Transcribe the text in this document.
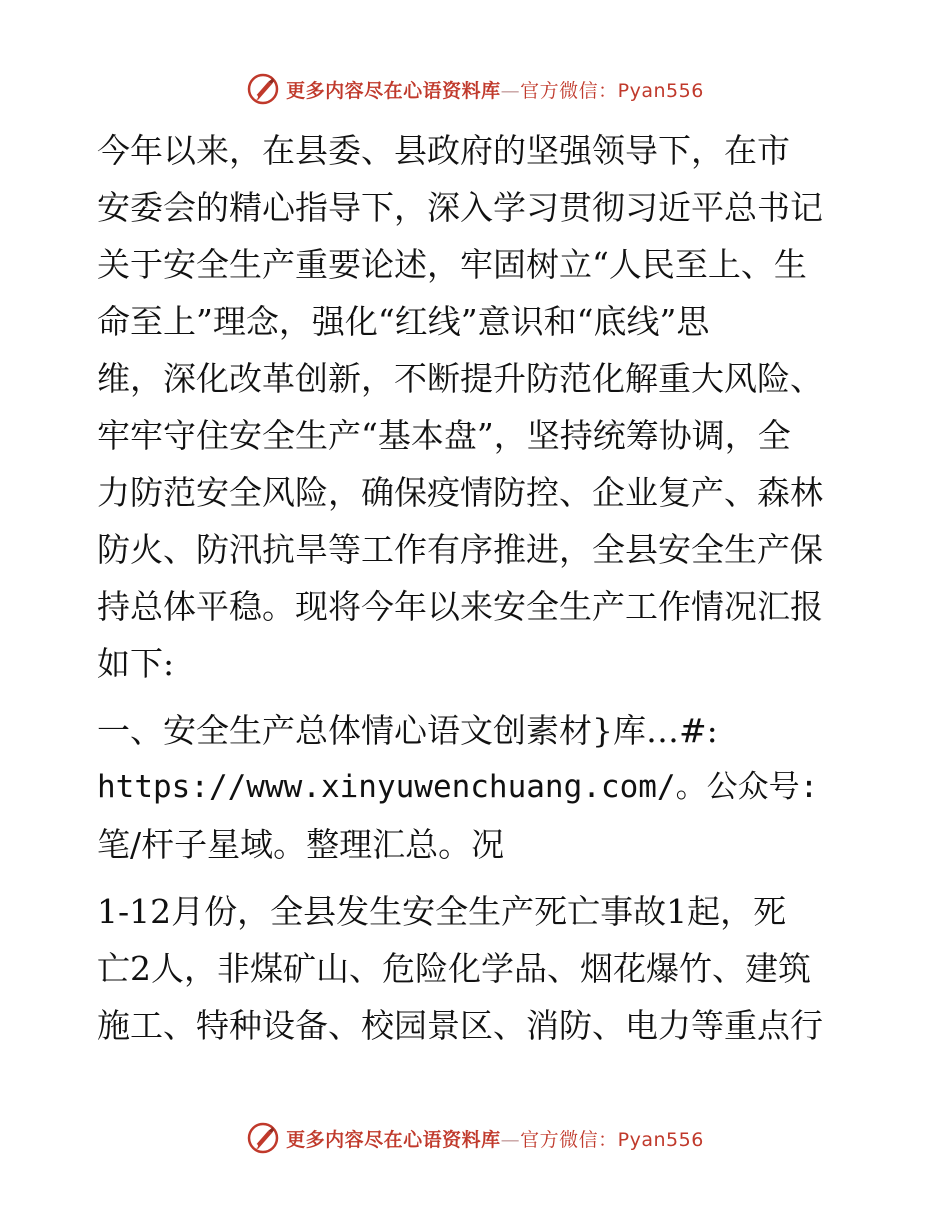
更多内容尽在心语资料库—官方微信：Pyan556

今年以来，在县委、县政府的坚强领导下，在市
安委会的精心指导下，深入学习贯彻习近平总书记
关于安全生产重要论述，牢固树立“人民至上、生
命至上”理念，强化“红线”意识和“底线”思
维，深化改革创新，不断提升防范化解重大风险、
牢牢守住安全生产“基本盘”，坚持统筹协调，全
力防范安全风险，确保疫情防控、企业复产、森林
防火、防汛抗旱等工作有序推进，全县安全生产保
持总体平稳。现将今年以来安全生产工作情况汇报
如下:

一、安全生产总体情心语文创素材}库…#:
https://www.xinyuwenchuang.com/。公众号:
笔/杆子星域。整理汇总。况

1-12月份，全县发生安全生产死亡事故1起，死
亡2人，非煤矿山、危险化学品、烟花爆竹、建筑
施工、特种设备、校园景区、消防、电力等重点行

更多内容尽在心语资料库—官方微信：Pyan556
